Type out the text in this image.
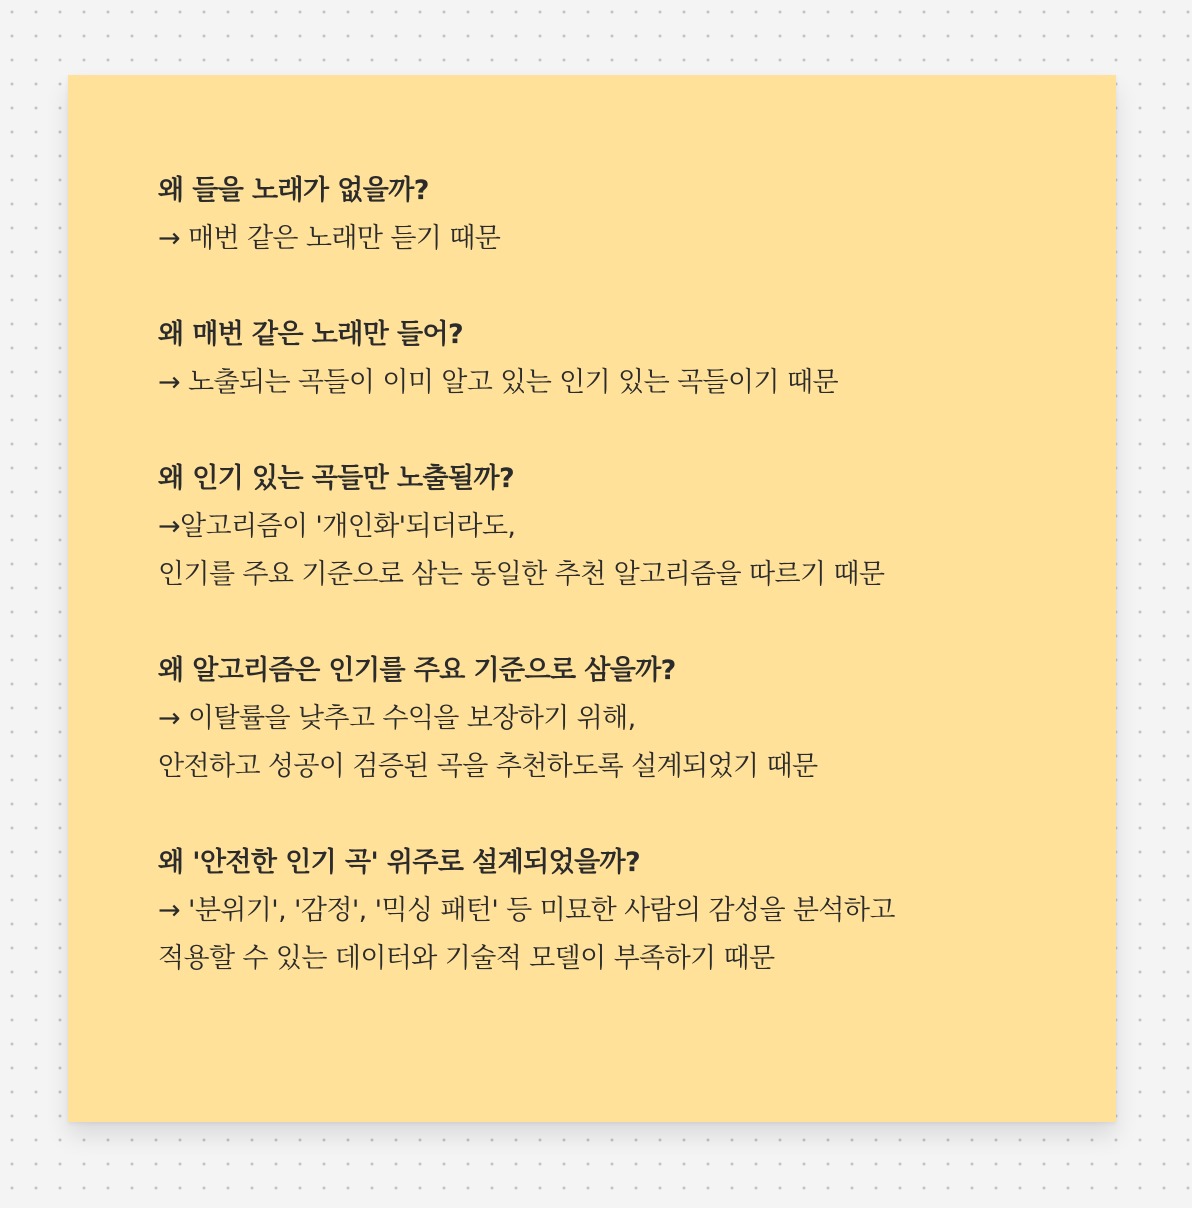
왜 들을 노래가 없을까?
→ 매번 같은 노래만 듣기 때문
왜 매번 같은 노래만 들어?
→ 노출되는 곡들이 이미 알고 있는 인기 있는 곡들이기 때문
왜 인기 있는 곡들만 노출될까?
→알고리즘이 '개인화'되더라도,
인기를 주요 기준으로 삼는 동일한 추천 알고리즘을 따르기 때문
왜 알고리즘은 인기를 주요 기준으로 삼을까?
→ 이탈률을 낮추고 수익을 보장하기 위해,
안전하고 성공이 검증된 곡을 추천하도록 설계되었기 때문
왜 '안전한 인기 곡' 위주로 설계되었을까?
→ '분위기', '감정', '믹싱 패턴' 등 미묘한 사람의 감성을 분석하고
적용할 수 있는 데이터와 기술적 모델이 부족하기 때문
